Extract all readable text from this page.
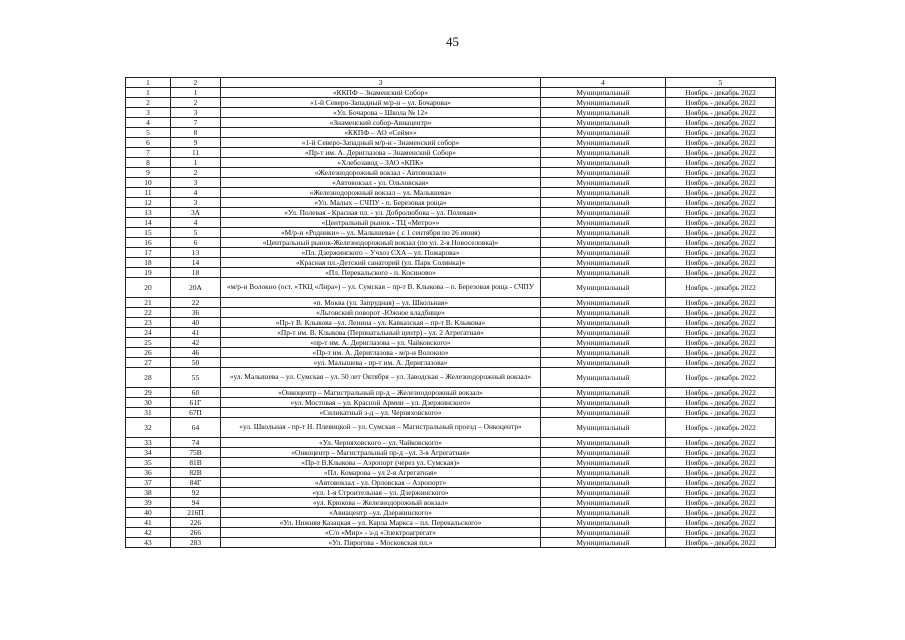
45
1	2	3	4	5
1	1	«ККПФ – Знаменский Собор»	Муниципальный	Ноябрь - декабрь 2022
2	2	«1-й Северо-Западный м/р-н – ул. Бочарова»	Муниципальный	Ноябрь - декабрь 2022
3	3	«Ул. Бочарова – Школа № 12»	Муниципальный	Ноябрь - декабрь 2022
4	7	«Знаменский собор-Авиацентр»	Муниципальный	Ноябрь - декабрь 2022
5	8	«ККПФ – АО «Сейм»»	Муниципальный	Ноябрь - декабрь 2022
6	9	«1-й Северо-Западный м/р-н - Знаменский собор»	Муниципальный	Ноябрь - декабрь 2022
7	11	«Пр-т им. А. Дериглазова – Знаменский Собор»	Муниципальный	Ноябрь - декабрь 2022
8	1	«Хлебозавод – ЗАО «КПК»	Муниципальный	Ноябрь - декабрь 2022
9	2	«Железнодорожный вокзал - Автовокзал»	Муниципальный	Ноябрь - декабрь 2022
10	3	«Автовокзал - ул. Ольховская»	Муниципальный	Ноябрь - декабрь 2022
11	4	«Железнодорожный вокзал – ул. Малышева»	Муниципальный	Ноябрь - декабрь 2022
12	3	«Ул. Малых – СЧПУ - п. Березовая роща»	Муниципальный	Ноябрь - декабрь 2022
13	3А	«Ул. Полевая - Красная пл. - ул. Добролюбова – ул. Полевая»	Муниципальный	Ноябрь - декабрь 2022
14	4	«Центральный рынок - ТЦ «Метро»»	Муниципальный	Ноябрь - декабрь 2022
15	5	«М/р-н «Родники» – ул. Малышева» ( с 1 сентября по 26 июня)	Муниципальный	Ноябрь - декабрь 2022
16	6	«Центральный рынок-Железнодорожный вокзал (по ул. 2-я Новоселовка)»	Муниципальный	Ноябрь - декабрь 2022
17	13	«Пл. Дзержинского – Учхоз СХА – ул. Пожарова»	Муниципальный	Ноябрь - декабрь 2022
18	14	«Красная пл.-Детский санаторий (ул. Парк Солянка)»	Муниципальный	Ноябрь - декабрь 2022
19	18	«Пл. Перекальского - п. Косиново»	Муниципальный	Ноябрь - декабрь 2022
20	20А	«м/р-н Волокно (ост. «ТКЦ «Лира») – ул. Сумская – пр-т В. Клыкова – п. Березовая роща - СЧПУ	Муниципальный	Ноябрь - декабрь 2022
21	22	«п. Моква (ул. Запрудная) – ул. Школьная»	Муниципальный	Ноябрь - декабрь 2022
22	36	«Льговский поворот -Южное кладбище»	Муниципальный	Ноябрь - декабрь 2022
23	40	«Пр-т В. Клыкова –ул. Ленина - ул. Кавказская – пр-т В. Клыкова»	Муниципальный	Ноябрь - декабрь 2022
24	41	«Пр-т им. В. Клыкова (Перинатальный центр) - ул. 2 Агрегатная»	Муниципальный	Ноябрь - декабрь 2022
25	42	«пр-т им. А. Дериглазова – ул. Чайковского»	Муниципальный	Ноябрь - декабрь 2022
26	46	«Пр-т им. А. Дериглазова - м/р-н Волокно»	Муниципальный	Ноябрь - декабрь 2022
27	50	«ул. Малышева - пр-т им. А. Дериглазова»	Муниципальный	Ноябрь - декабрь 2022
28	55	«ул. Малышева – ул. Сумская – ул. 50 лет Октября – ул. Заводская – Железнодорожный вокзал»	Муниципальный	Ноябрь - декабрь 2022
29	60	«Онкоцентр – Магистральный пр-д – Железнодорожный вокзал»	Муниципальный	Ноябрь - декабрь 2022
30	61Г	«ул. Мостовая – ул. Красной Армии – ул. Дзержинского»	Муниципальный	Ноябрь - декабрь 2022
31	67П	«Силикатный з-д – ул. Черняховского»	Муниципальный	Ноябрь - декабрь 2022
32	64	«ул. Школьная - пр-т Н. Плевицкой – ул. Сумская – Магистральный проезд – Онкоцентр»	Муниципальный	Ноябрь - декабрь 2022
33	74	«Ул. Черняховского – ул. Чайковского»	Муниципальный	Ноябрь - декабрь 2022
34	75В	«Онкоцентр – Магистральный пр-д –ул. 3-я Агрегатная»	Муниципальный	Ноябрь - декабрь 2022
35	81В	«Пр-т В.Клыкова – Аэропорт (через ул. Сумская)»	Муниципальный	Ноябрь - декабрь 2022
36	82В	«Пл. Комарова – ул 2-я Агрегатная»	Муниципальный	Ноябрь - декабрь 2022
37	84Г	«Автовокзал - ул. Орловская – Аэропорт»	Муниципальный	Ноябрь - декабрь 2022
38	92	«ул. 1-я Строительная – ул. Дзержинского»	Муниципальный	Ноябрь - декабрь 2022
39	94	«ул. Крюкова – Железнодорожный вокзал»	Муниципальный	Ноябрь - декабрь 2022
40	216П	«Авиацентр –ул. Дзержинского»	Муниципальный	Ноябрь - декабрь 2022
41	226	«Ул. Нижняя Казацкая – ул. Карла Маркса – пл. Перекальского»	Муниципальный	Ноябрь - декабрь 2022
42	266	«С/о «Мир» - з-д «Электроагрегат»	Муниципальный	Ноябрь - декабрь 2022
43	283	«Ул. Пирогова - Московская пл.»	Муниципальный	Ноябрь - декабрь 2022
